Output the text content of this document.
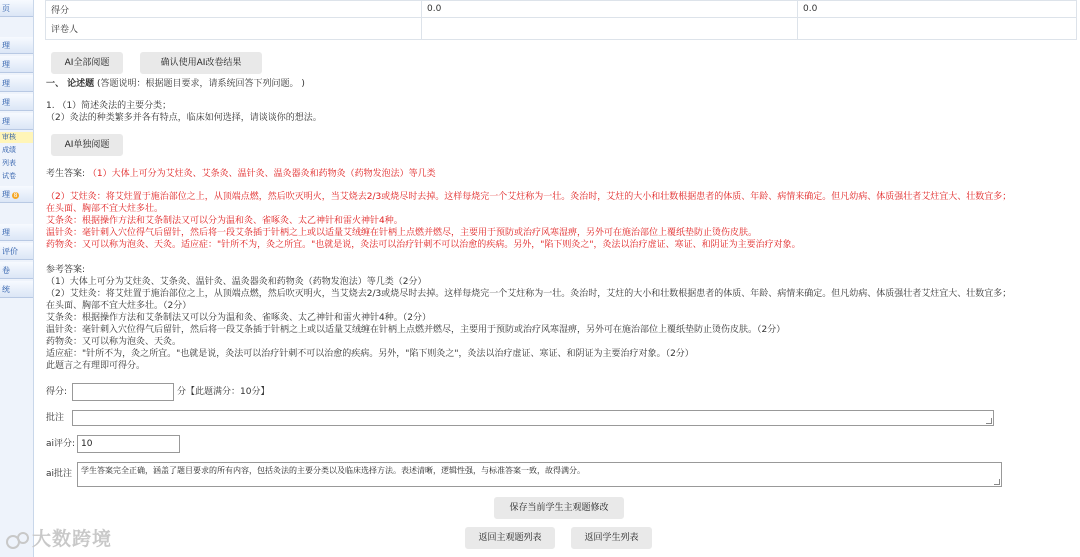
页
理
理
理
理
理
审核
成绩
列表
试卷
理 8
理
评价
卷
统
得分	0.0	0.0
评卷人		
AI全部阅题	确认使用AI改卷结果
一、 论述题 (答题说明：根据题目要求，请系统回答下列问题。 )
1. （1）简述灸法的主要分类；
（2）灸法的种类繁多并各有特点，临床如何选择，请谈谈你的想法。
AI单独阅题
考生答案: （1）大体上可分为艾炷灸、艾条灸、温针灸、温灸器灸和药物灸（药物发泡法）等几类
（2）艾炷灸：将艾炷置于施治部位之上，从顶端点燃，然后吹灭明火，当艾烧去2/3或烧尽时去掉。这样每烧完一个艾炷称为一壮。灸治时，艾炷的大小和壮数根据患者的体质、年龄、病情来确定。但凡幼病、体质强壮者艾炷宜大、壮数宜多；
在头面、胸部不宜大炷多壮。
艾条灸：根据操作方法和艾条制法又可以分为温和灸、雀啄灸、太乙神针和雷火神针4种。
温针灸：毫针刺入穴位得气后留针，然后将一段艾条插于针柄之上或以适量艾绒缠在针柄上点燃并燃尽，主要用于预防或治疗风寒湿痹，另外可在施治部位上覆纸垫防止烫伤皮肤。
药物灸：又可以称为泡灸、天灸。适应症："针所不为，灸之所宜。"也就是说，灸法可以治疗针刺不可以治愈的疾病。另外，"陷下则灸之"，灸法以治疗虚证、寒证、和阴证为主要治疗对象。
参考答案:
（1）大体上可分为艾炷灸、艾条灸、温针灸、温灸器灸和药物灸（药物发泡法）等几类（2分）
（2）艾炷灸：将艾炷置于施治部位之上，从顶端点燃，然后吹灭明火，当艾烧去2/3或烧尽时去掉。这样每烧完一个艾炷称为一壮。灸治时，艾炷的大小和壮数根据患者的体质、年龄、病情来确定。但凡幼病、体质强壮者艾炷宜大、壮数宜多；
在头面、胸部不宜大炷多壮。（2分）
艾条灸：根据操作方法和艾条制法又可以分为温和灸、雀啄灸、太乙神针和雷火神针4种。（2分）
温针灸：毫针刺入穴位得气后留针，然后将一段艾条插于针柄之上或以适量艾绒缠在针柄上点燃并燃尽，主要用于预防或治疗风寒湿痹，另外可在施治部位上覆纸垫防止烫伤皮肤。（2分）
药物灸：又可以称为泡灸、天灸。
适应症："针所不为，灸之所宜。"也就是说，灸法可以治疗针刺不可以治愈的疾病。另外，"陷下则灸之"，灸法以治疗虚证、寒证、和阴证为主要治疗对象。（2分）
此题言之有理即可得分。
得分:	分【此题满分：10分】
批注
ai评分:
10
ai批注	学生答案完全正确，涵盖了题目要求的所有内容，包括灸法的主要分类以及临床选择方法。表述清晰，逻辑性强，与标准答案一致，故得满分。
保存当前学生主观题修改
返回主观题列表	返回学生列表
大数跨境
